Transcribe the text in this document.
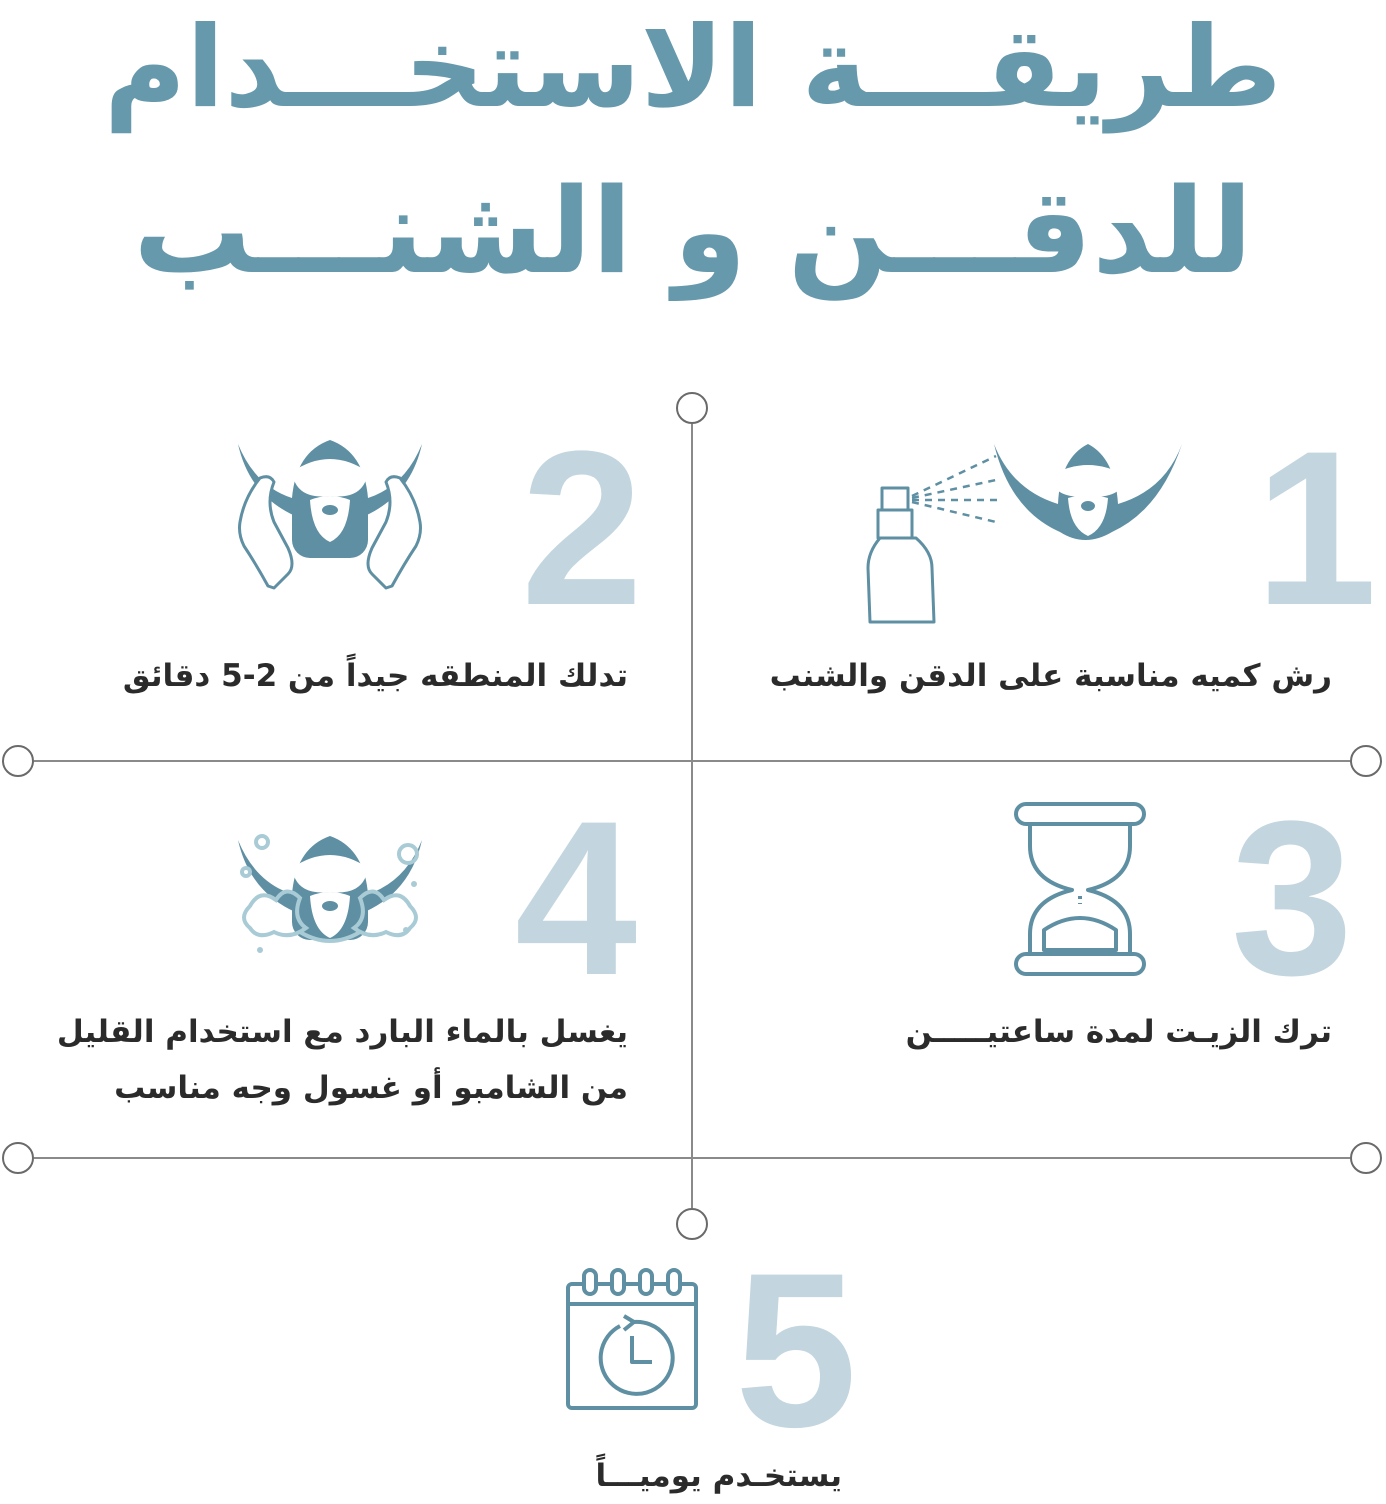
طريقـــة الاستخـــدام
للدقـــن و الشنـــب
1
2
3
4
5
رش كميه مناسبة على الدقن والشنب
تدلك المنطقه جيداً من 2-5 دقائق
ترك الزيـت لمدة ساعتيـــــن
يغسل بالماء البارد مع استخدام القليل
من الشامبو أو غسول وجه مناسب
يستخـدم يوميـــاً
